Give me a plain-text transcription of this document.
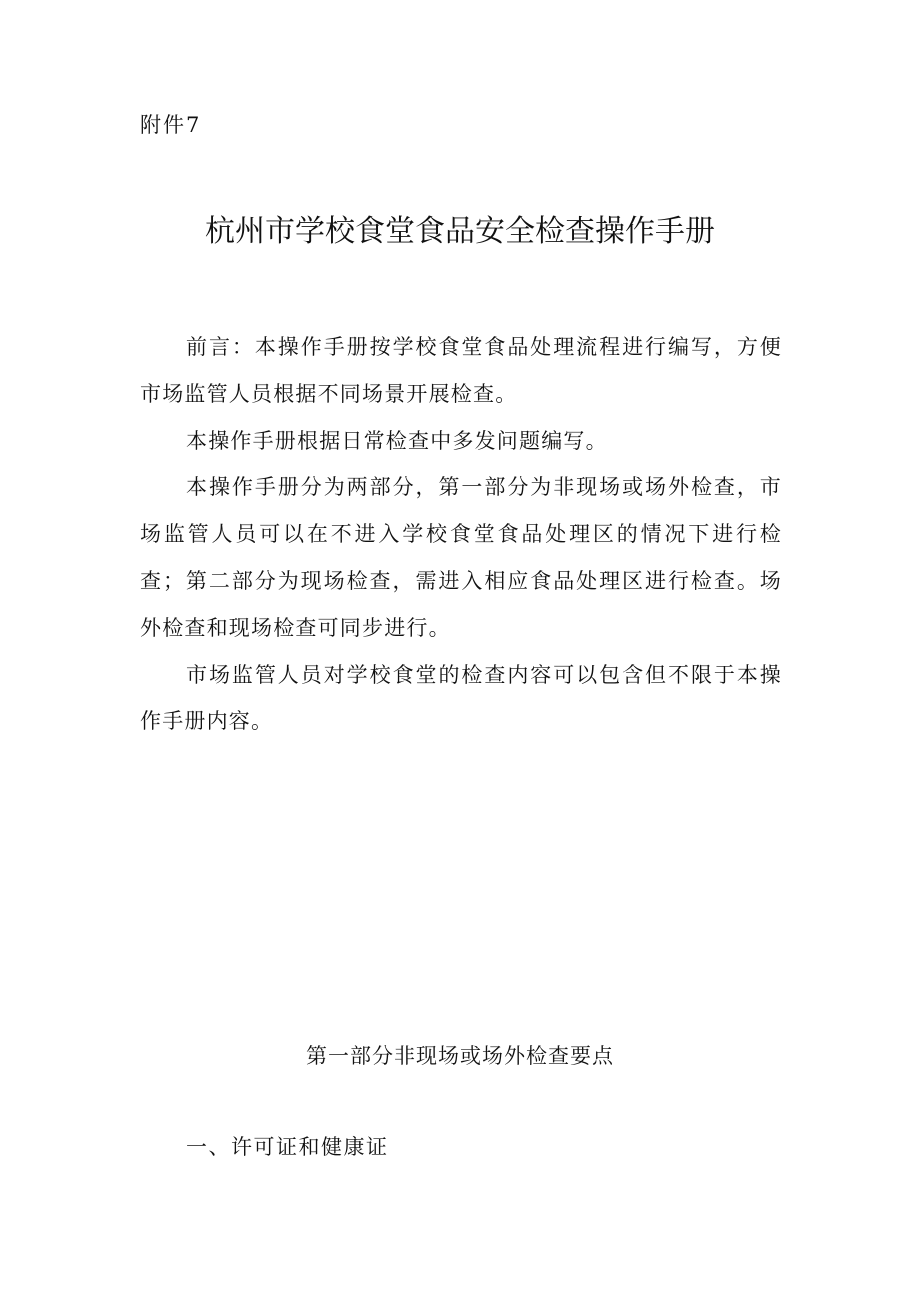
附件7
杭州市学校食堂食品安全检查操作手册

前言：本操作手册按学校食堂食品处理流程进行编写，方便市场监管人员根据不同场景开展检查。

本操作手册根据日常检查中多发问题编写。

本操作手册分为两部分，第一部分为非现场或场外检查，市场监管人员可以在不进入学校食堂食品处理区的情况下进行检查；第二部分为现场检查，需进入相应食品处理区进行检查。场外检查和现场检查可同步进行。

市场监管人员对学校食堂的检查内容可以包含但不限于本操作手册内容。

第一部分非现场或场外检查要点
一、许可证和健康证
